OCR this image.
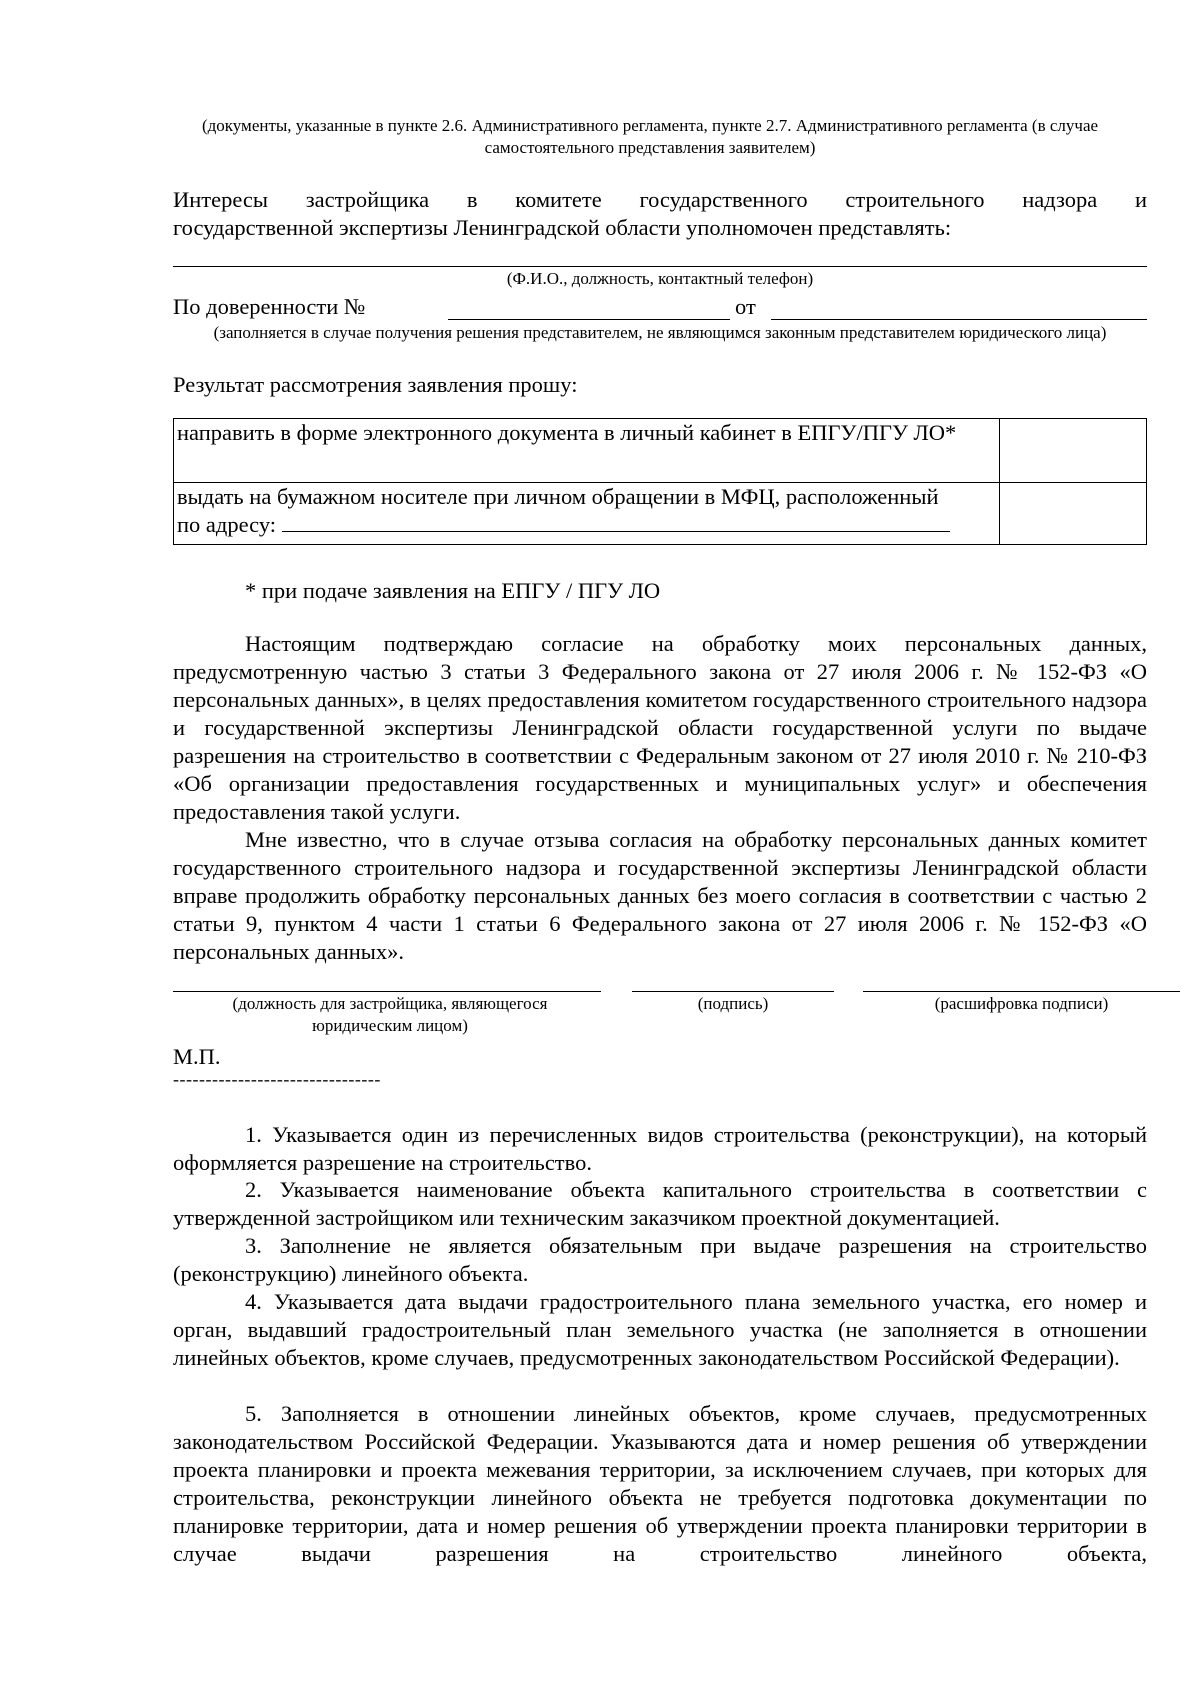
(документы, указанные в пункте 2.6. Административного регламента, пункте 2.7. Административного регламента (в случае самостоятельного представления заявителем)
Интересы застройщика в комитете государственного строительного надзора и
государственной экспертизы Ленинградской области уполномочен представлять:
(Ф.И.О., должность, контактный телефон)
По доверенности №	от
(заполняется в случае получения решения представителем, не являющимся законным представителем юридического лица)
Результат рассмотрения заявления прошу:
направить в форме электронного документа в личный кабинет в ЕПГУ/ПГУ ЛО*	
выдать на бумажном носителе при личном обращении в МФЦ, расположенный
по адресу:	
* при подаче заявления на ЕПГУ / ПГУ ЛО
Настоящим подтверждаю согласие на обработку моих персональных данных, предусмотренную частью 3 статьи 3 Федерального закона от 27 июля 2006 г. № 152-ФЗ «О персональных данных», в целях предоставления комитетом государственного строительного надзора и государственной экспертизы Ленинградской области государственной услуги по выдаче разрешения на строительство в соответствии с Федеральным законом от 27 июля 2010 г. № 210-ФЗ «Об организации предоставления государственных и муниципальных услуг» и обеспечения предоставления такой услуги.
Мне известно, что в случае отзыва согласия на обработку персональных данных комитет государственного строительного надзора и государственной экспертизы Ленинградской области вправе продолжить обработку персональных данных без моего согласия в соответствии с частью 2 статьи 9, пунктом 4 части 1 статьи 6 Федерального закона от 27 июля 2006 г. № 152-ФЗ «О персональных данных».
(должность для застройщика, являющегося юридическим лицом)
(подпись)	(расшифровка подписи)
М.П.
--------------------------------
1. Указывается один из перечисленных видов строительства (реконструкции), на который оформляется разрешение на строительство.
2. Указывается наименование объекта капитального строительства в соответствии с утвержденной застройщиком или техническим заказчиком проектной документацией.
3. Заполнение не является обязательным при выдаче разрешения на строительство (реконструкцию) линейного объекта.
4. Указывается дата выдачи градостроительного плана земельного участка, его номер и орган, выдавший градостроительный план земельного участка (не заполняется в отношении линейных объектов, кроме случаев, предусмотренных законодательством Российской Федерации).
5. Заполняется в отношении линейных объектов, кроме случаев, предусмотренных законодательством Российской Федерации. Указываются дата и номер решения об утверждении проекта планировки и проекта межевания территории, за исключением случаев, при которых для строительства, реконструкции линейного объекта не требуется подготовка документации по планировке территории, дата и номер решения об утверждении проекта планировки территории в случае выдачи разрешения на строительство линейного объекта,
